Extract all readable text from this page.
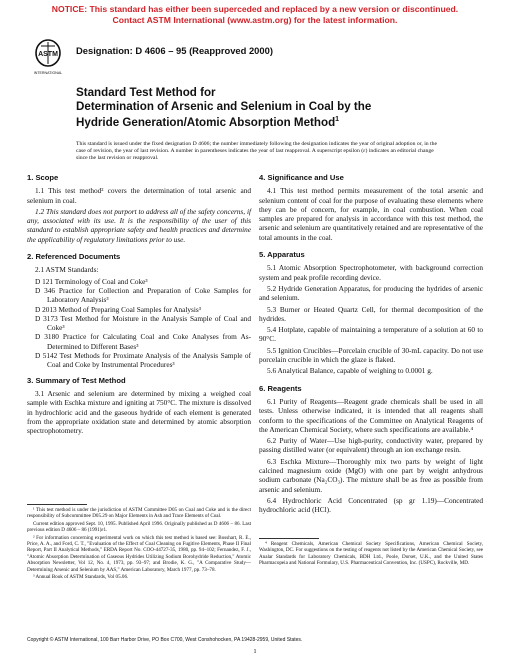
NOTICE: This standard has either been superceded and replaced by a new version or discontinued.
Contact ASTM International (www.astm.org) for the latest information.
ASTM
INTERNATIONAL
Designation: D 4606 – 95 (Reapproved 2000)
Standard Test Method for
Determination of Arsenic and Selenium in Coal by the
Hydride Generation/Atomic Absorption Method$^1$
This standard is issued under the fixed designation D 4606; the number immediately following the designation indicates the year of original adoption or, in the case of revision, the year of last revision. A number in parentheses indicates the year of last reapproval. A superscript epsilon (ε) indicates an editorial change since the last revision or reapproval.
1. Scope

1.1 This test method² covers the determination of total arsenic and selenium in coal.

1.2 This standard does not purport to address all of the safety concerns, if any, associated with its use. It is the responsibility of the user of this standard to establish appropriate safety and health practices and determine the applicability of regulatory limitations prior to use.

2. Referenced Documents

2.1 ASTM Standards:

D 121 Terminology of Coal and Coke³

D 346 Practice for Collection and Preparation of Coke Samples for Laboratory Analysis³

D 2013 Method of Preparing Coal Samples for Analysis³

D 3173 Test Method for Moisture in the Analysis Sample of Coal and Coke³

D 3180 Practice for Calculating Coal and Coke Analyses from As-Determined to Different Bases³

D 5142 Test Methods for Proximate Analysis of the Analysis Sample of Coal and Coke by Instrumental Procedures³

3. Summary of Test Method

3.1 Arsenic and selenium are determined by mixing a weighed coal sample with Eschka mixture and igniting at 750°C. The mixture is dissolved in hydrochloric acid and the gaseous hydride of each element is generated from the appropriate oxidation state and determined by atomic absorption spectrophotometry.

¹ This test method is under the jurisdiction of ASTM Committee D05 on Coal and Coke and is the direct responsibility of Subcommittee D05.29 on Major Elements in Ash and Trace Elements of Coal.

Current edition approved Sept. 10, 1995. Published April 1996. Originally published as D 4606 – 86. Last previous edition D 4606 – 86 (1991)ε1.

² For information concerning experimental work on which this test method is based see: Bosshart, R. E., Price, A. A., and Ford, C. T., "Evaluation of the Effect of Coal Cleaning on Fugitive Elements, Phase II Final Report, Part II Analytical Methods," ERDA Report No. COO-44727-35, 1980, pp. 94–102; Fernandez, F. J., "Atomic Absorption Determination of Gaseous Hydrides Utilizing Sodium Borohydride Reduction," Atomic Absorption Newsletter, Vol 12, No. 4, 1973, pp. 93–97; and Brodie, K. G., "A Comparative Study—Determining Arsenic and Selenium by AAS," American Laboratory, March 1977, pp. 73–78.

³ Annual Book of ASTM Standards, Vol 05.06.

4. Significance and Use

4.1 This test method permits measurement of the total arsenic and selenium content of coal for the purpose of evaluating these elements where they can be of concern, for example, in coal combustion. When coal samples are prepared for analysis in accordance with this test method, the arsenic and selenium are quantitatively retained and are representative of the total amounts in the coal.

5. Apparatus

5.1 Atomic Absorption Spectrophotometer, with background correction system and peak profile recording device.

5.2 Hydride Generation Apparatus, for producing the hydrides of arsenic and selenium.

5.3 Burner or Heated Quartz Cell, for thermal decomposition of the hydrides.

5.4 Hotplate, capable of maintaining a temperature of a solution at 60 to 90°C.

5.5 Ignition Crucibles—Porcelain crucible of 30-mL capacity. Do not use porcelain crucible in which the glaze is flaked.

5.6 Analytical Balance, capable of weighing to 0.0001 g.

6. Reagents

6.1 Purity of Reagents—Reagent grade chemicals shall be used in all tests. Unless otherwise indicated, it is intended that all reagents shall conform to the specifications of the Committee on Analytical Reagents of the American Chemical Society, where such specifications are available.⁴

6.2 Purity of Water—Use high-purity, conductivity water, prepared by passing distilled water (or equivalent) through an ion exchange resin.

6.3 Eschka Mixture—Thoroughly mix two parts by weight of light calcined magnesium oxide (MgO) with one part by weight anhydrous sodium carbonate (Na₂CO₃). The mixture shall be as free as possible from arsenic and selenium.

6.4 Hydrochloric Acid Concentrated (sp gr 1.19)—Concentrated hydrochloric acid (HCl).

⁴ Reagent Chemicals, American Chemical Society Specifications, American Chemical Society, Washington, DC. For suggestions on the testing of reagents not listed by the American Chemical Society, see Analar Standards for Laboratory Chemicals, BDH Ltd., Poole, Dorset, U.K., and the United States Pharmacopeia and National Formulary, U.S. Pharmaceutical Convention, Inc. (USPC), Rockville, MD.

Copyright © ASTM International, 100 Barr Harbor Drive, PO Box C700, West Conshohocken, PA 19428-2959, United States.
1
